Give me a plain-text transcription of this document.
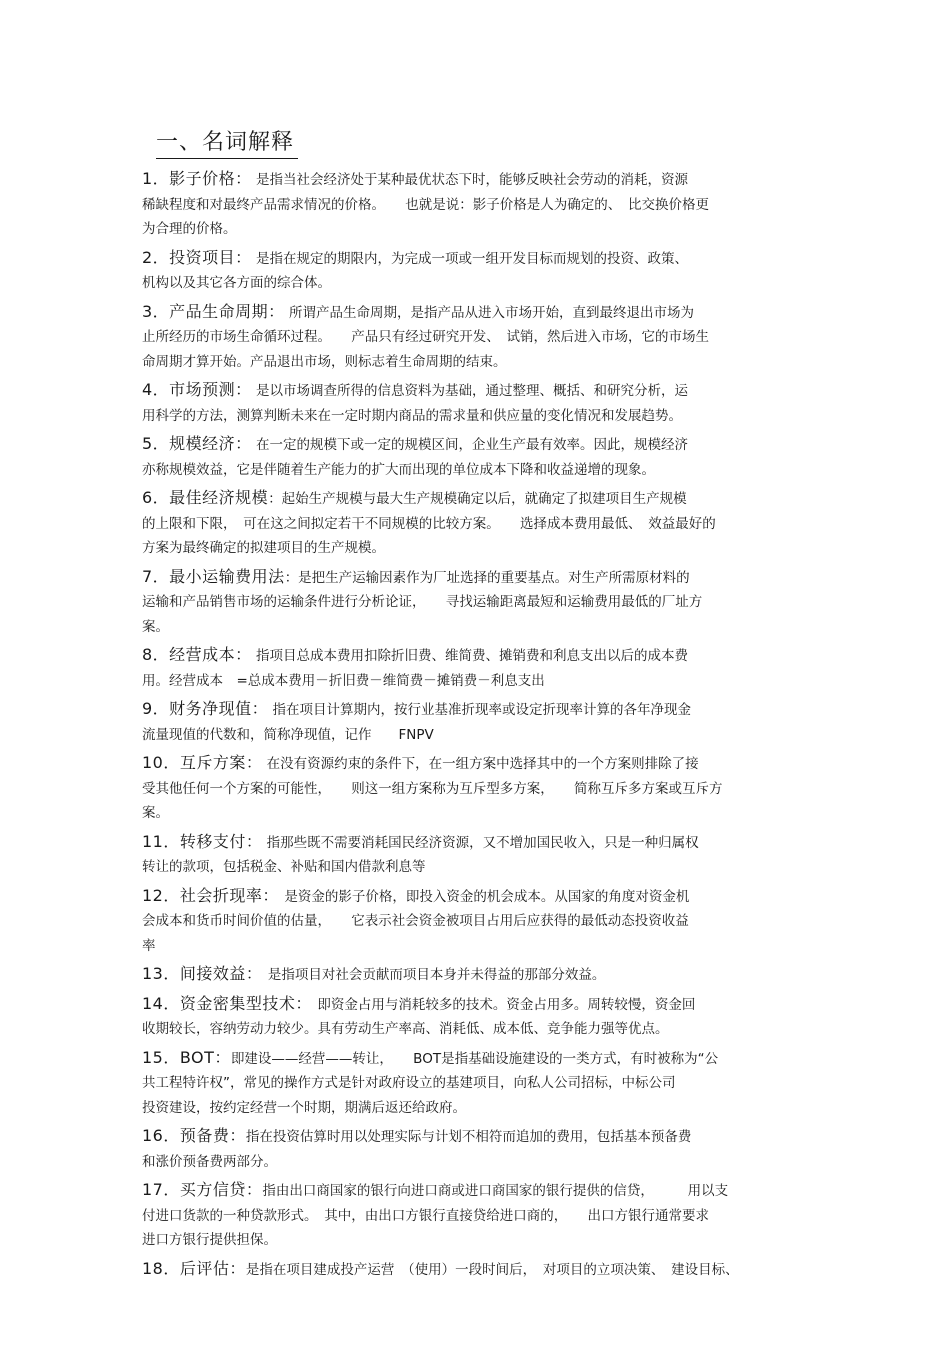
一、名词解释
1．影子价格： 是指当社会经济处于某种最优状态下时，能够反映社会劳动的消耗，资源
稀缺程度和对最终产品需求情况的价格。　　也就是说：影子价格是人为确定的、　比交换价格更
为合理的价格。
2．投资项目： 是指在规定的期限内，为完成一项或一组开发目标而规划的投资、政策、
机构以及其它各方面的综合体。
3．产品生命周期： 所谓产品生命周期，是指产品从进入市场开始，直到最终退出市场为
止所经历的市场生命循环过程。　　产品只有经过研究开发、　试销，然后进入市场，它的市场生
命周期才算开始。产品退出市场，则标志着生命周期的结束。
4．市场预测： 是以市场调查所得的信息资料为基础，通过整理、概括、和研究分析，运
用科学的方法，测算判断未来在一定时期内商品的需求量和供应量的变化情况和发展趋势。
5．规模经济： 在一定的规模下或一定的规模区间，企业生产最有效率。因此，规模经济
亦称规模效益，它是伴随着生产能力的扩大而出现的单位成本下降和收益递增的现象。
6．最佳经济规模：起始生产规模与最大生产规模确定以后，就确定了拟建项目生产规模
的上限和下限，　可在这之间拟定若干不同规模的比较方案。　　选择成本费用最低、　效益最好的
方案为最终确定的拟建项目的生产规模。
7．最小运输费用法：是把生产运输因素作为厂址选择的重要基点。对生产所需原材料的
运输和产品销售市场的运输条件进行分析论证，　　寻找运输距离最短和运输费用最低的厂址方
案。
8．经营成本： 指项目总成本费用扣除折旧费、维简费、摊销费和利息支出以后的成本费
用。经营成本　=总成本费用－折旧费－维简费－摊销费－利息支出
9．财务净现值： 指在项目计算期内，按行业基准折现率或设定折现率计算的各年净现金
流量现值的代数和，简称净现值，记作　　FNPV
10．互斥方案： 在没有资源约束的条件下，在一组方案中选择其中的一个方案则排除了接
受其他任何一个方案的可能性，　　则这一组方案称为互斥型多方案，　　简称互斥多方案或互斥方
案。
11．转移支付： 指那些既不需要消耗国民经济资源，又不增加国民收入，只是一种归属权
转让的款项，包括税金、补贴和国内借款利息等
12．社会折现率：　是资金的影子价格，即投入资金的机会成本。从国家的角度对资金机
会成本和货币时间价值的估量，　　它表示社会资金被项目占用后应获得的最低动态投资收益
率
13．间接效益：　是指项目对社会贡献而项目本身并未得益的那部分效益。
14．资金密集型技术：　即资金占用与消耗较多的技术。资金占用多。周转较慢，资金回
收期较长，容纳劳动力较少。具有劳动生产率高、消耗低、成本低、竞争能力强等优点。
15．BOT：即建设——经营——转让，　　BOT是指基础设施建设的一类方式，有时被称为“公
共工程特许权”，常见的操作方式是针对政府设立的基建项目，向私人公司招标，中标公司
投资建设，按约定经营一个时期，期满后返还给政府。
16．预备费：指在投资估算时用以处理实际与计划不相符而追加的费用，包括基本预备费
和涨价预备费两部分。
17．买方信贷：指由出口商国家的银行向进口商或进口商国家的银行提供的信贷，　　　用以支
付进口货款的一种贷款形式。　其中，由出口方银行直接贷给进口商的，　　出口方银行通常要求
进口方银行提供担保。
18．后评估：是指在项目建成投产运营　（使用）一段时间后，　对项目的立项决策、　建设目标、
